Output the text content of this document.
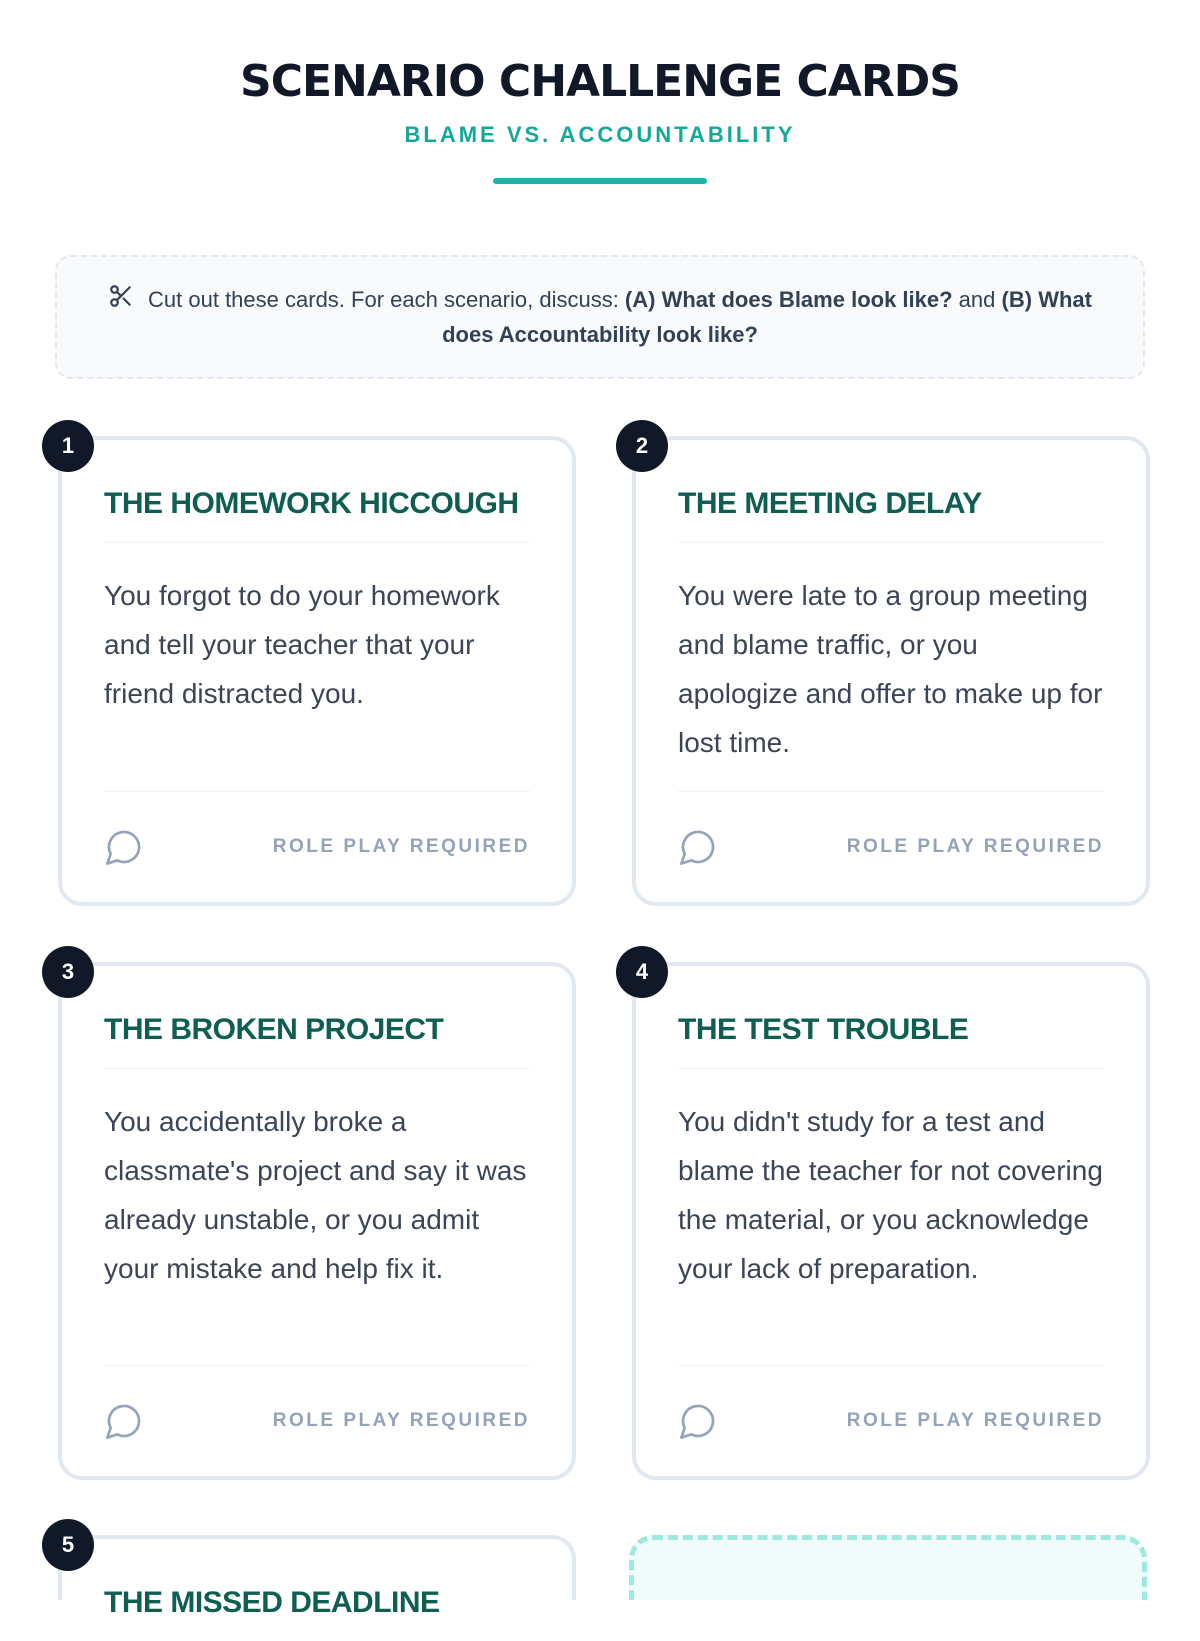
SCENARIO CHALLENGE CARDS
BLAME VS. ACCOUNTABILITY

Cut out these cards. For each scenario, discuss: (A) What does Blame look like? and (B) What does Accountability look like?

1
THE HOMEWORK HICCOUGH

You forgot to do your homework and tell your teacher that your friend distracted you.

ROLE PLAY REQUIRED
2
THE MEETING DELAY

You were late to a group meeting and blame traffic, or you apologize and offer to make up for lost time.

ROLE PLAY REQUIRED
3
THE BROKEN PROJECT

You accidentally broke a classmate's project and say it was already unstable, or you admit your mistake and help fix it.

ROLE PLAY REQUIRED
4
THE TEST TROUBLE

You didn't study for a test and blame the teacher for not covering the material, or you acknowledge your lack of preparation.

ROLE PLAY REQUIRED
5
THE MISSED DEADLINE
